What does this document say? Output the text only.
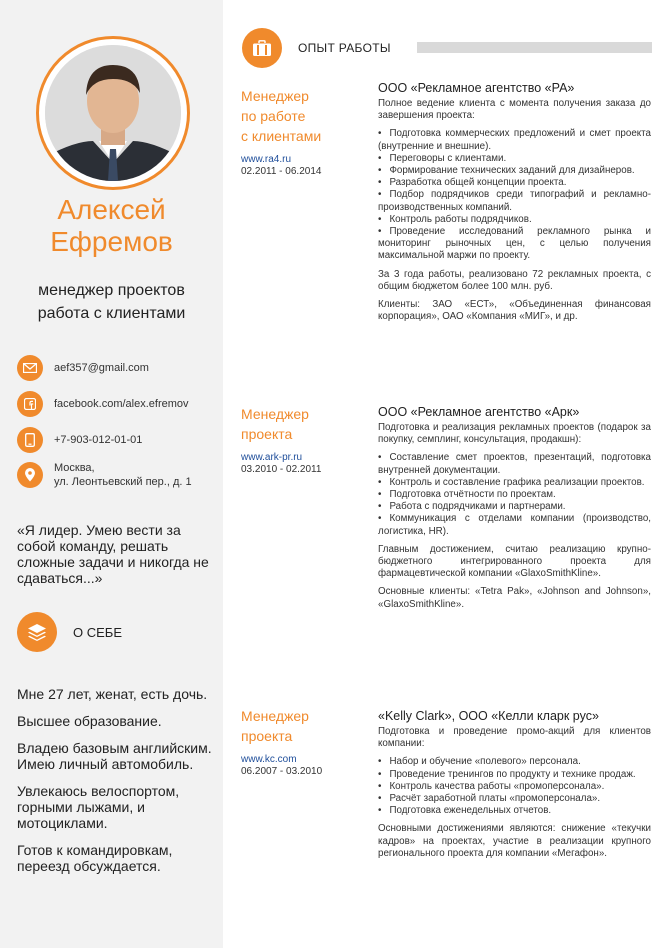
Алексей
Ефремов
менеджер проектов
работа с клиентами
aef357@gmail.com
facebook.com/alex.efremov
+7-903-012-01-01
Москва,
ул. Леонтьевский пер., д. 1
«Я лидер. Умею вести за собой команду, решать сложные задачи и никогда не сдаваться...»
О СЕБЕ

Мне 27 лет, женат, есть дочь.

Высшее образование.

Владею базовым английским. Имею личный автомобиль.

Увлекаюсь велоспортом, горными лыжами, и мотоциклами.

Готов к командировкам, переезд обсуждается.

ОПЫТ РАБОТЫ
Менеджер
по работе
с клиентами
www.ra4.ru
02.2011 - 06.2014
ООО «Рекламное агентство «РА»

Полное ведение клиента с момента получения заказа до завершения проекта:

• Подготовка коммерческих предложений и смет проекта (внутренние и внешние).
• Переговоры с клиентами.
• Формирование технических заданий для дизайнеров.
• Разработка общей концепции проекта.
• Подбор подрядчиков среди типографий и рекламно-производственных компаний.
• Контроль работы подрядчиков.
• Проведение исследований рекламного рынка и мониторинг рыночных цен, с целью получения максимальной маржи по проекту.

За 3 года работы, реализовано 72 рекламных проекта, с общим бюджетом более 100 млн. руб.

Клиенты: ЗАО «ЕСТ», «Объединенная финансовая корпорация», ОАО «Компания «МИГ», и др.

Менеджер
проекта
www.ark-pr.ru
03.2010 - 02.2011
ООО «Рекламное агентство «Арк»

Подготовка и реализация рекламных проектов (подарок за покупку, семплинг, консультация, продакшн):

• Составление смет проектов, презентаций, подготовка внутренней документации.
• Контроль и составление графика реализации проектов.
• Подготовка отчётности по проектам.
• Работа с подрядчиками и партнерами.
• Коммуникация с отделами компании (производство, логистика, HR).

Главным достижением, считаю реализацию крупно-бюджетного интегрированного проекта для фармацевтической компании «GlaxoSmithKline».

Основные клиенты: «Tetra Pak», «Johnson and Johnson», «GlaxoSmithKline».

Менеджер
проекта
www.kc.com
06.2007 - 03.2010
«Kelly Clark», ООО «Келли кларк рус»

Подготовка и проведение промо-акций для клиентов компании:

• Набор и обучение «полевого» персонала.
• Проведение тренингов по продукту и технике продаж.
• Контроль качества работы «промоперсонала».
• Расчёт заработной платы «промоперсонала».
• Подготовка еженедельных отчетов.

Основными достижениями являются: снижение «текучки кадров» на проектах, участие в реализации крупного регионального проекта для компании «Мегафон».
